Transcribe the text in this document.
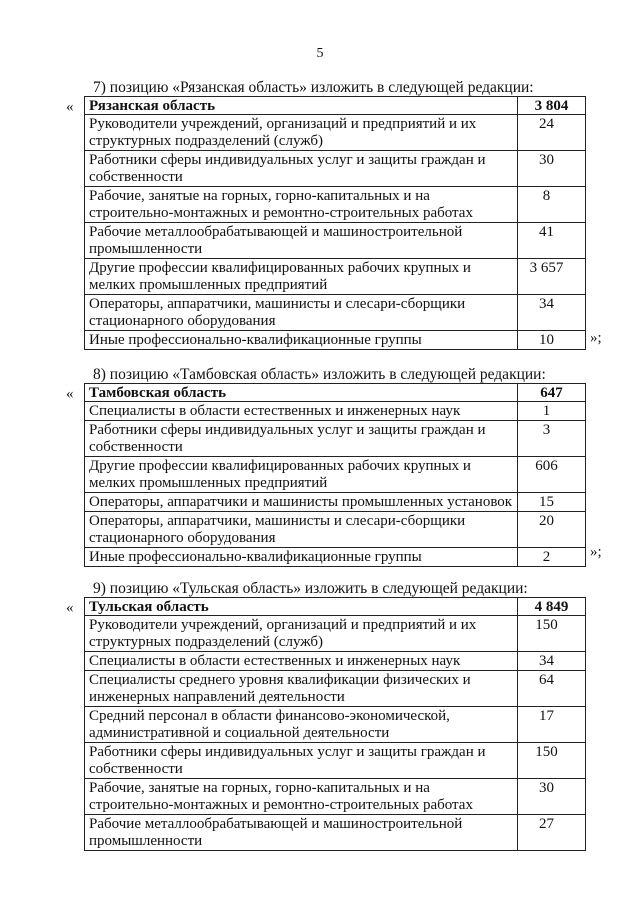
5
7) позицию «Рязанская область» изложить в следующей редакции:
« Рязанская область	3 804
Руководители учреждений, организаций и предприятий и их структурных подразделений (служб)	24
Работники сферы индивидуальных услуг и защиты граждан и собственности	30
Рабочие, занятые на горных, горно-капитальных и на строительно-монтажных и ремонтно-строительных работах	8
Рабочие металлообрабатывающей и машиностроительной промышленности	41
Другие профессии квалифицированных рабочих крупных и мелких промышленных предприятий	3 657
Операторы, аппаратчики, машинисты и слесари-сборщики стационарного оборудования	34
Иные профессионально-квалификационные группы	10 »;
8) позицию «Тамбовская область» изложить в следующей редакции:
« Тамбовская область	647
Специалисты в области естественных и инженерных наук	1
Работники сферы индивидуальных услуг и защиты граждан и собственности	3
Другие профессии квалифицированных рабочих крупных и мелких промышленных предприятий	606
Операторы, аппаратчики и машинисты промышленных установок	15
Операторы, аппаратчики, машинисты и слесари-сборщики стационарного оборудования	20
Иные профессионально-квалификационные группы	2	»;
9) позицию «Тульская область» изложить в следующей редакции:
« Тульская область	4 849
Руководители учреждений, организаций и предприятий и их структурных подразделений (служб)	150
Специалисты в области естественных и инженерных наук	34
Специалисты среднего уровня квалификации физических и инженерных направлений деятельности	64
Средний персонал в области финансово-экономической, административной и социальной деятельности	17
Работники сферы индивидуальных услуг и защиты граждан и собственности	150
Рабочие, занятые на горных, горно-капитальных и на строительно-монтажных и ремонтно-строительных работах	30
Рабочие металлообрабатывающей и машиностроительной промышленности	27
